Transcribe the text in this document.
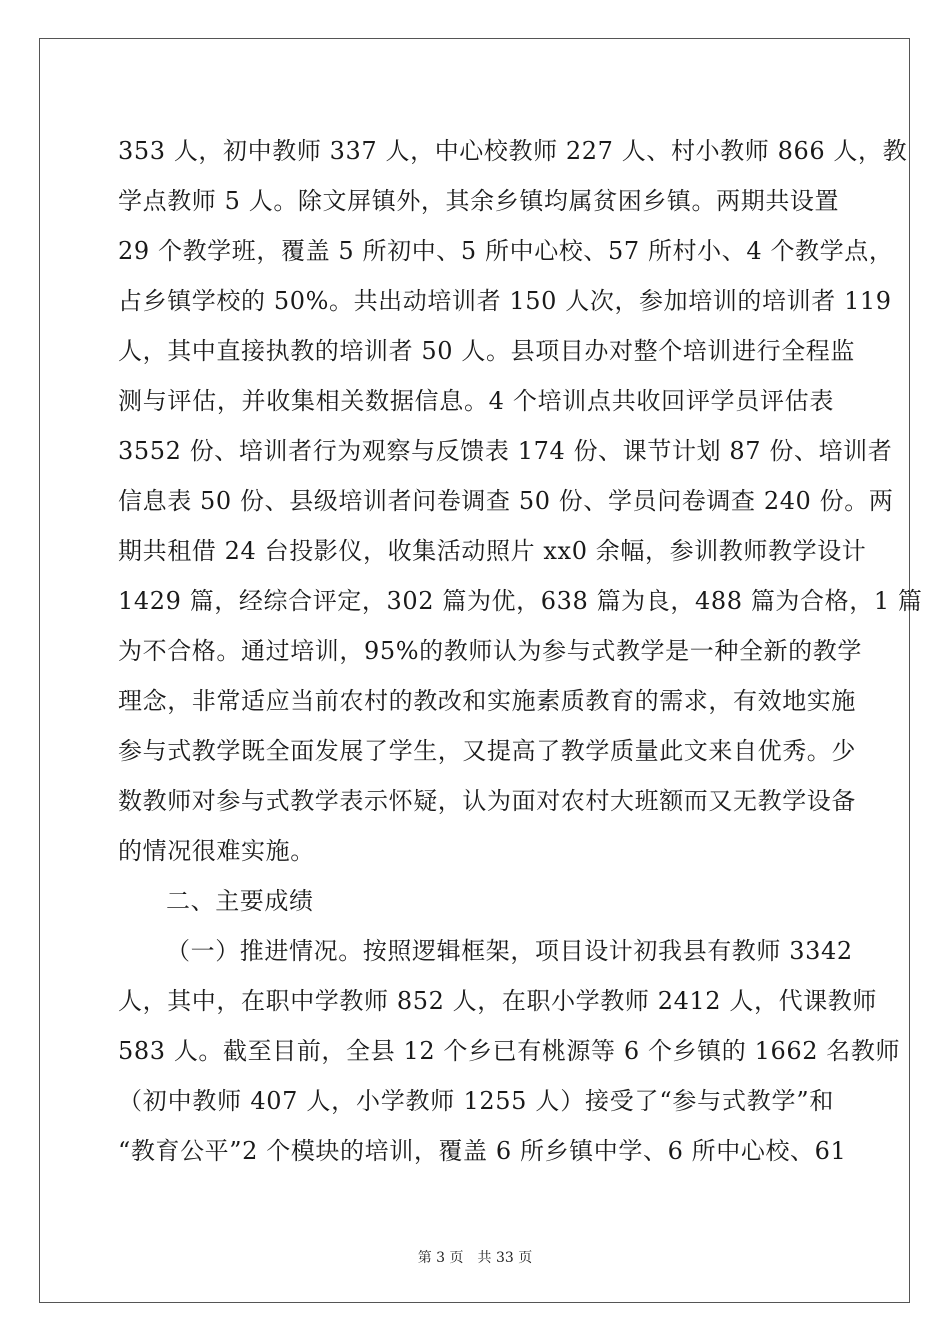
353 人，初中教师 337 人，中心校教师 227 人、村小教师 866 人，教
学点教师 5 人。除文屏镇外，其余乡镇均属贫困乡镇。两期共设置
29 个教学班，覆盖 5 所初中、5 所中心校、57 所村小、4 个教学点，
占乡镇学校的 50%。共出动培训者 150 人次，参加培训的培训者 119
人，其中直接执教的培训者 50 人。县项目办对整个培训进行全程监
测与评估，并收集相关数据信息。4 个培训点共收回评学员评估表
3552 份、培训者行为观察与反馈表 174 份、课节计划 87 份、培训者
信息表 50 份、县级培训者问卷调查 50 份、学员问卷调查 240 份。两
期共租借 24 台投影仪，收集活动照片 xx0 余幅，参训教师教学设计
1429 篇，经综合评定，302 篇为优，638 篇为良，488 篇为合格，1 篇
为不合格。通过培训，95%的教师认为参与式教学是一种全新的教学
理念，非常适应当前农村的教改和实施素质教育的需求，有效地实施
参与式教学既全面发展了学生，又提高了教学质量此文来自优秀。少
数教师对参与式教学表示怀疑，认为面对农村大班额而又无教学设备
的情况很难实施。
二、主要成绩
（一）推进情况。按照逻辑框架，项目设计初我县有教师 3342
人，其中，在职中学教师 852 人，在职小学教师 2412 人，代课教师
583 人。截至目前，全县 12 个乡已有桃源等 6 个乡镇的 1662 名教师
（初中教师 407 人，小学教师 1255 人）接受了“参与式教学”和
“教育公平”2 个模块的培训，覆盖 6 所乡镇中学、6 所中心校、61
第 3 页 共 33 页
